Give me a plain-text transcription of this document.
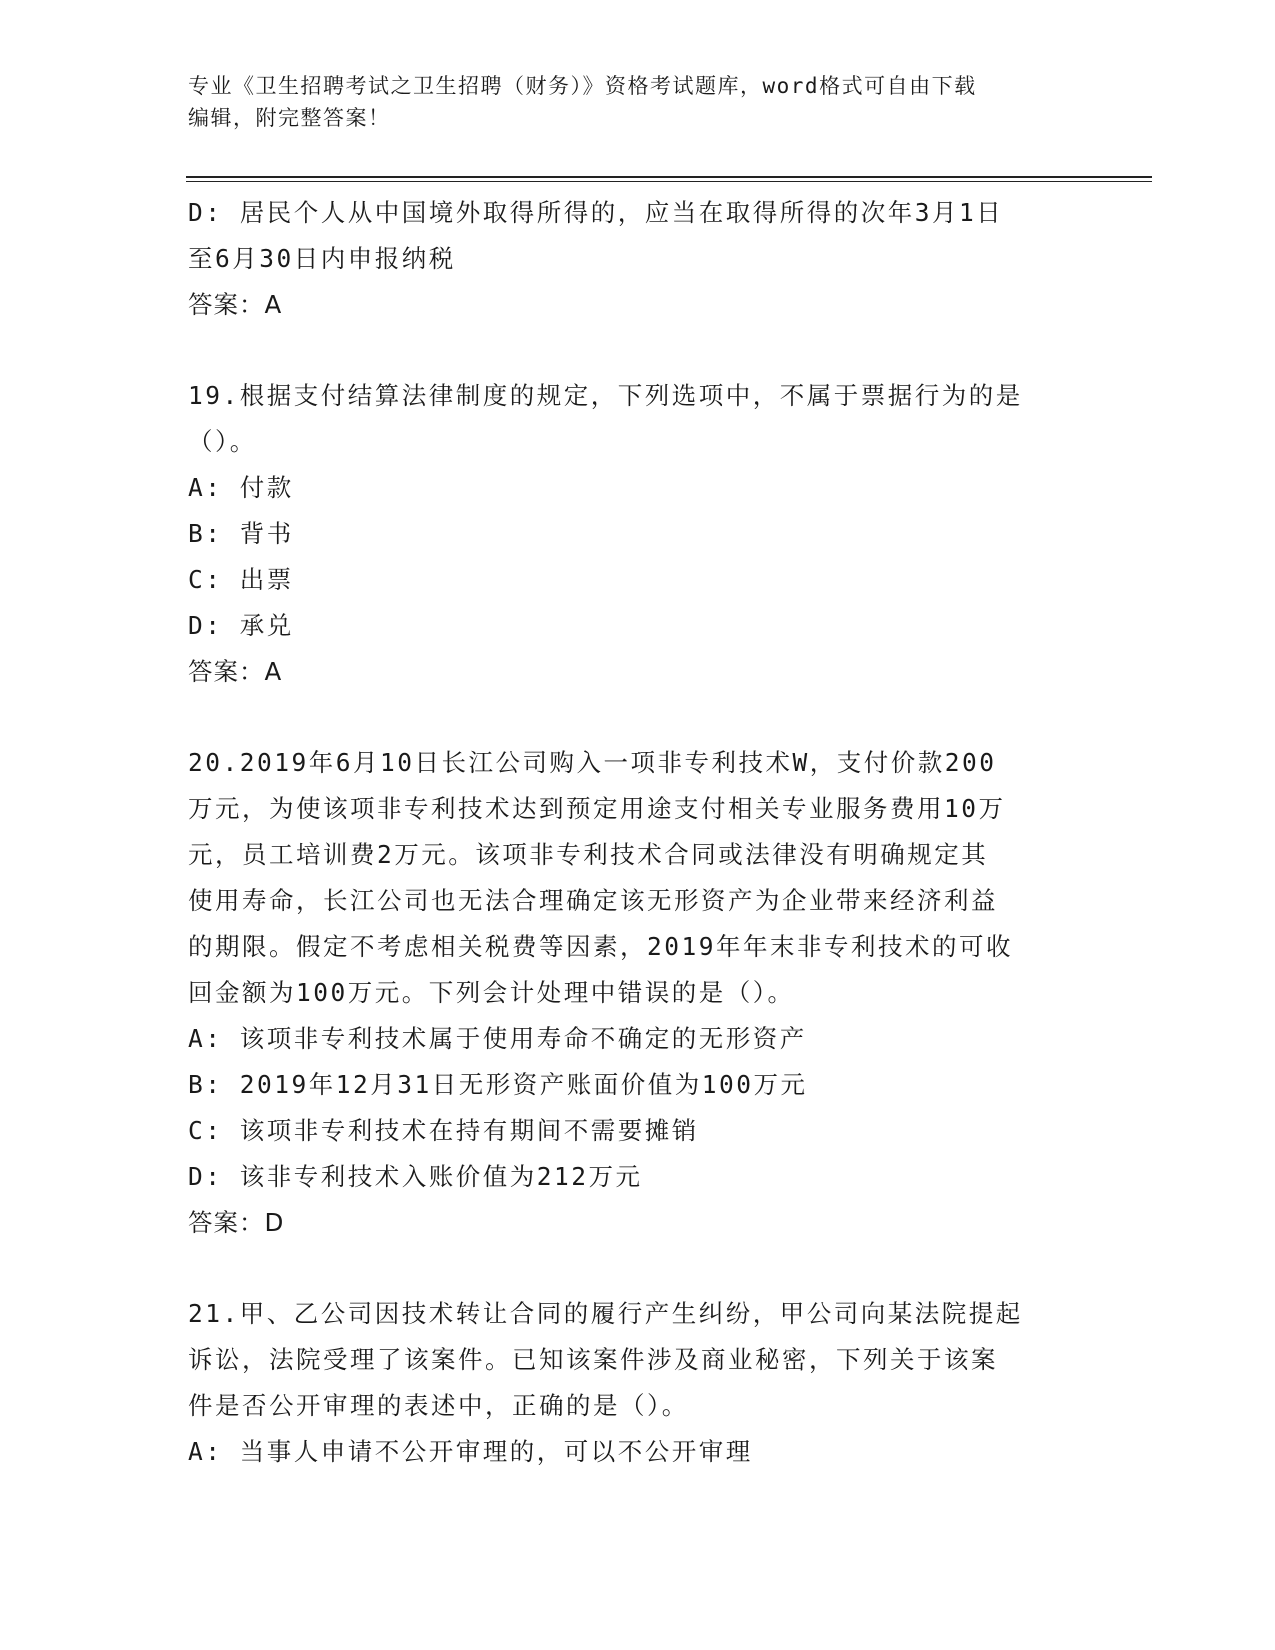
专业《卫生招聘考试之卫生招聘（财务）》资格考试题库，word格式可自由下载
编辑，附完整答案！
D: 居民个人从中国境外取得所得的，应当在取得所得的次年3月1日
至6月30日内申报纳税
答案：A
19.根据支付结算法律制度的规定，下列选项中，不属于票据行为的是
（）。
A: 付款
B: 背书
C: 出票
D: 承兑
答案：A
20.2019年6月10日长江公司购入一项非专利技术W，支付价款200
万元，为使该项非专利技术达到预定用途支付相关专业服务费用10万
元，员工培训费2万元。该项非专利技术合同或法律没有明确规定其
使用寿命，长江公司也无法合理确定该无形资产为企业带来经济利益
的期限。假定不考虑相关税费等因素，2019年年末非专利技术的可收
回金额为100万元。下列会计处理中错误的是（）。
A: 该项非专利技术属于使用寿命不确定的无形资产
B: 2019年12月31日无形资产账面价值为100万元
C: 该项非专利技术在持有期间不需要摊销
D: 该非专利技术入账价值为212万元
答案：D
21.甲、乙公司因技术转让合同的履行产生纠纷，甲公司向某法院提起
诉讼，法院受理了该案件。已知该案件涉及商业秘密，下列关于该案
件是否公开审理的表述中，正确的是（）。
A: 当事人申请不公开审理的，可以不公开审理
